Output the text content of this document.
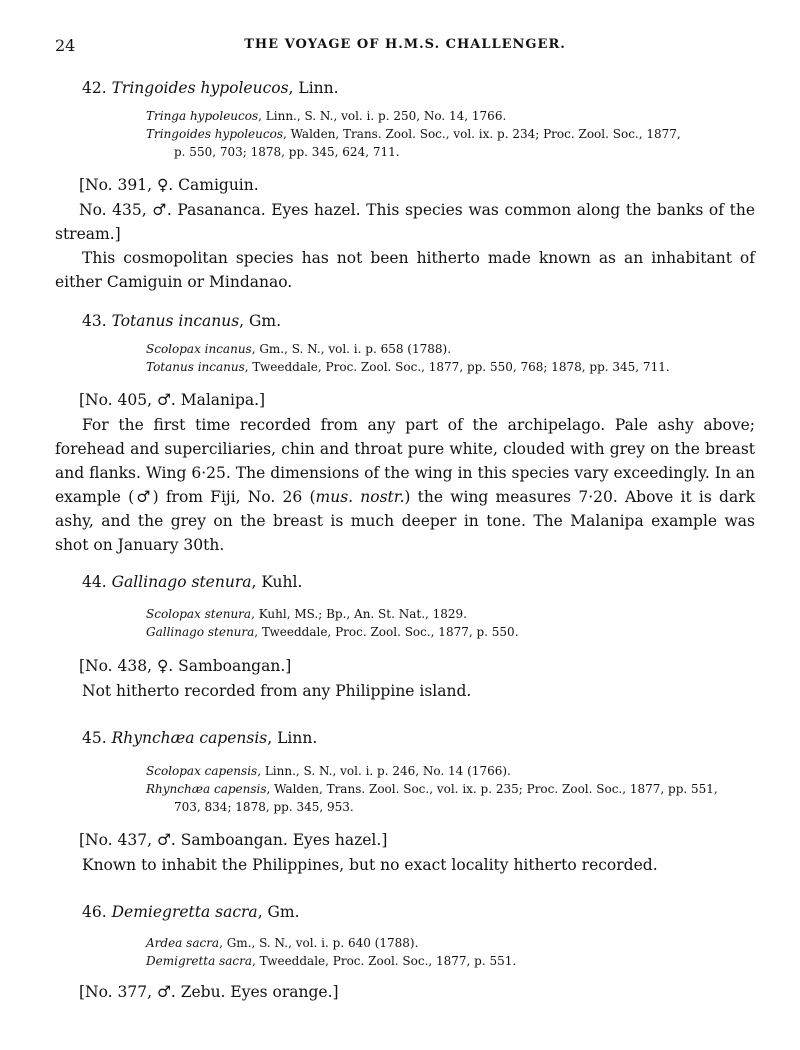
24	THE VOYAGE OF H.M.S. CHALLENGER.
42. Tringoides hypoleucos, Linn.
Tringa hypoleucos, Linn., S. N., vol. i. p. 250, No. 14, 1766.
Tringoides hypoleucos, Walden, Trans. Zool. Soc., vol. ix. p. 234; Proc. Zool. Soc., 1877,
p. 550, 703; 1878, pp. 345, 624, 711.
[No. 391, ♀. Camiguin.
No. 435, ♂. Pasananca. Eyes hazel. This species was common along the banks of the stream.]
This cosmopolitan species has not been hitherto made known as an inhabitant of either Camiguin or Mindanao.
43. Totanus incanus, Gm.
Scolopax incanus, Gm., S. N., vol. i. p. 658 (1788).
Totanus incanus, Tweeddale, Proc. Zool. Soc., 1877, pp. 550, 768; 1878, pp. 345, 711.
[No. 405, ♂. Malanipa.]
For the first time recorded from any part of the archipelago. Pale ashy above; forehead and superciliaries, chin and throat pure white, clouded with grey on the breast and flanks. Wing 6·25. The dimensions of the wing in this species vary exceedingly. In an example (♂) from Fiji, No. 26 (mus. nostr.) the wing measures 7·20. Above it is dark ashy, and the grey on the breast is much deeper in tone. The Malanipa example was shot on January 30th.
44. Gallinago stenura, Kuhl.
Scolopax stenura, Kuhl, MS.; Bp., An. St. Nat., 1829.
Gallinago stenura, Tweeddale, Proc. Zool. Soc., 1877, p. 550.
[No. 438, ♀. Samboangan.]
Not hitherto recorded from any Philippine island.
45. Rhynchæa capensis, Linn.
Scolopax capensis, Linn., S. N., vol. i. p. 246, No. 14 (1766).
Rhynchæa capensis, Walden, Trans. Zool. Soc., vol. ix. p. 235; Proc. Zool. Soc., 1877, pp. 551,
703, 834; 1878, pp. 345, 953.
[No. 437, ♂. Samboangan. Eyes hazel.]
Known to inhabit the Philippines, but no exact locality hitherto recorded.
46. Demiegretta sacra, Gm.
Ardea sacra, Gm., S. N., vol. i. p. 640 (1788).
Demigretta sacra, Tweeddale, Proc. Zool. Soc., 1877, p. 551.
[No. 377, ♂. Zebu. Eyes orange.]
